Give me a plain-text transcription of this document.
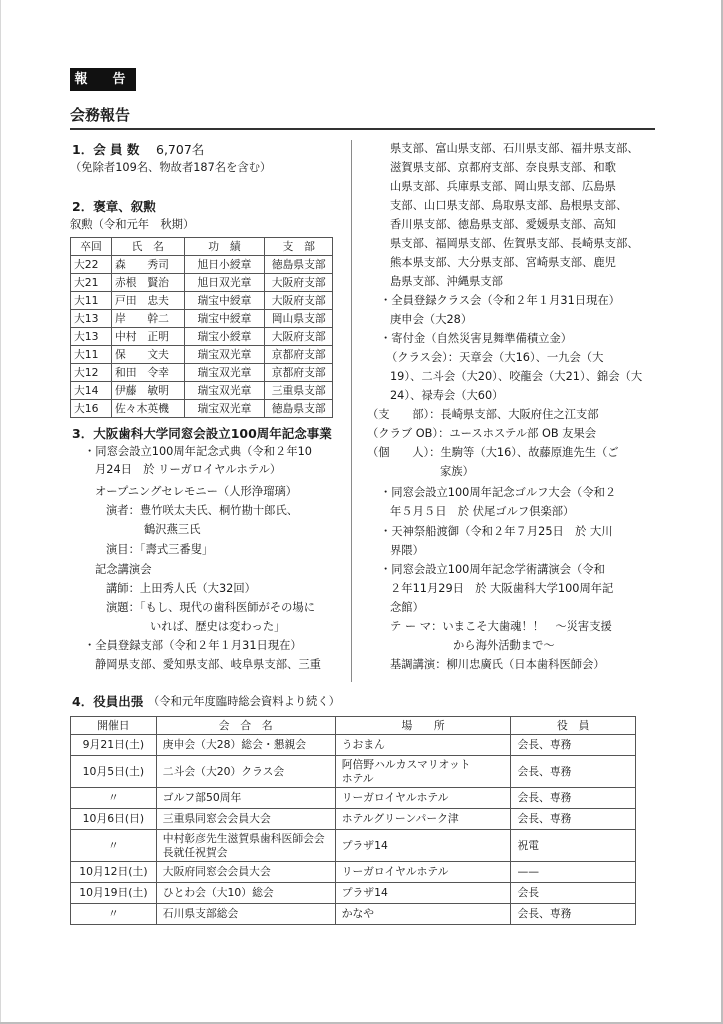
報　告
会務報告
1．会 員 数 6,707名
（免除者109名、物故者187名を含む）
2．褒章、叙勲
叙勲（令和元年　秋期）
卒回	氏　名	功　績	支　部
大22	森　　秀司	旭日小綬章	徳島県支部
大21	赤根　賢治	旭日双光章	大阪府支部
大11	戸田　忠夫	瑞宝中綬章	大阪府支部
大13	岸　　幹二	瑞宝中綬章	岡山県支部
大13	中村　正明	瑞宝小綬章	大阪府支部
大11	保　　文夫	瑞宝双光章	京都府支部
大12	和田　令幸	瑞宝双光章	京都府支部
大14	伊藤　敏明	瑞宝双光章	三重県支部
大16	佐々木英機	瑞宝双光章	徳島県支部
3．大阪歯科大学同窓会設立100周年記念事業
・同窓会設立100周年記念式典（令和２年10
月24日　於 リーガロイヤルホテル）
オープニングセレモニー（人形浄瑠璃）
演者：豊竹咲太夫氏、桐竹勘十郎氏、
鶴沢燕三氏
演目：「壽式三番叟」
記念講演会
講師：上田秀人氏（大32回）
演題：「もし、現代の歯科医師がその場に
いれば、歴史は変わった」
・全員登録支部（令和２年１月31日現在）
静岡県支部、愛知県支部、岐阜県支部、三重
県支部、富山県支部、石川県支部、福井県支部、
滋賀県支部、京都府支部、奈良県支部、和歌
山県支部、兵庫県支部、岡山県支部、広島県
支部、山口県支部、鳥取県支部、島根県支部、
香川県支部、徳島県支部、愛媛県支部、高知
県支部、福岡県支部、佐賀県支部、長崎県支部、
熊本県支部、大分県支部、宮崎県支部、鹿児
島県支部、沖縄県支部
・全員登録クラス会（令和２年１月31日現在）
庚申会（大28）
・寄付金（自然災害見舞準備積立金）
（クラス会）：天章会（大16）、一九会（大
19）、二斗会（大20）、咬龍会（大21）、錦会（大
24）、禄寿会（大60）
（支　　部）：長崎県支部、大阪府住之江支部
（クラブ OB）：ユースホステル部 OB 友果会
（個　　人）：生駒等（大16）、故藤原進先生（ご
家族）
・同窓会設立100周年記念ゴルフ大会（令和２
年５月５日　於 伏尾ゴルフ倶楽部）
・天神祭船渡御（令和２年７月25日　於 大川
界隈）
・同窓会設立100周年記念学術講演会（令和
２年11月29日　於 大阪歯科大学100周年記
念館）
テ ー マ：いまこそ大歯魂！！　〜災害支援
から海外活動まで〜
基調講演：柳川忠廣氏（日本歯科医師会）
4．役員出張 （令和元年度臨時総会資料より続く）
開催日	会　合　名	場　　所	役　員
9月21日(土)	庚申会（大28）総会・懇親会	うおまん	会長、専務
10月5日(土)	二斗会（大20）クラス会	阿倍野ハルカスマリオット
ホテル	会長、専務
〃	ゴルフ部50周年	リーガロイヤルホテル	会長、専務
10月6日(日)	三重県同窓会会員大会	ホテルグリーンパーク津	会長、専務
〃	中村彰彦先生滋賀県歯科医師会会
長就任祝賀会	プラザ14	祝電
10月12日(土)	大阪府同窓会会員大会	リーガロイヤルホテル	——
10月19日(土)	ひとわ会（大10）総会	プラザ14	会長
〃	石川県支部総会	かなや	会長、専務
